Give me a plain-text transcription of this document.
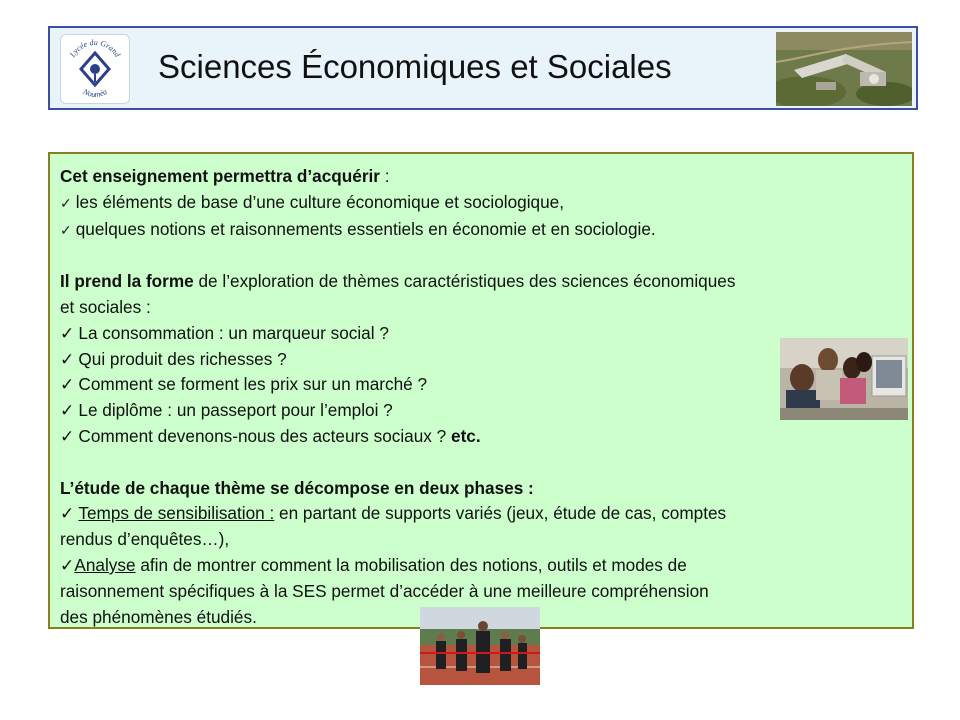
Lycée du Grand
Nouméa
Sciences Économiques et Sociales

Cet enseignement permettra d’acquérir :

✓ les éléments de base d’une culture économique et sociologique,

✓ quelques notions et raisonnements essentiels en économie et en sociologie.

Il prend la forme de l’exploration de thèmes caractéristiques des sciences économiques

et sociales :

✓ La consommation : un marqueur social ?

✓ Qui produit des richesses ?

✓ Comment se forment les prix sur un marché ?

✓ Le diplôme : un passeport pour l’emploi ?

✓ Comment devenons-nous des acteurs sociaux ? etc.

L’étude de chaque thème se décompose en deux phases :

✓ Temps de sensibilisation : en partant de supports variés (jeux, étude de cas, comptes

rendus d’enquêtes…),

✓Analyse afin de montrer comment la mobilisation des notions, outils et modes de

raisonnement spécifiques à la SES permet d’accéder à une meilleure compréhension

des phénomènes étudiés.
